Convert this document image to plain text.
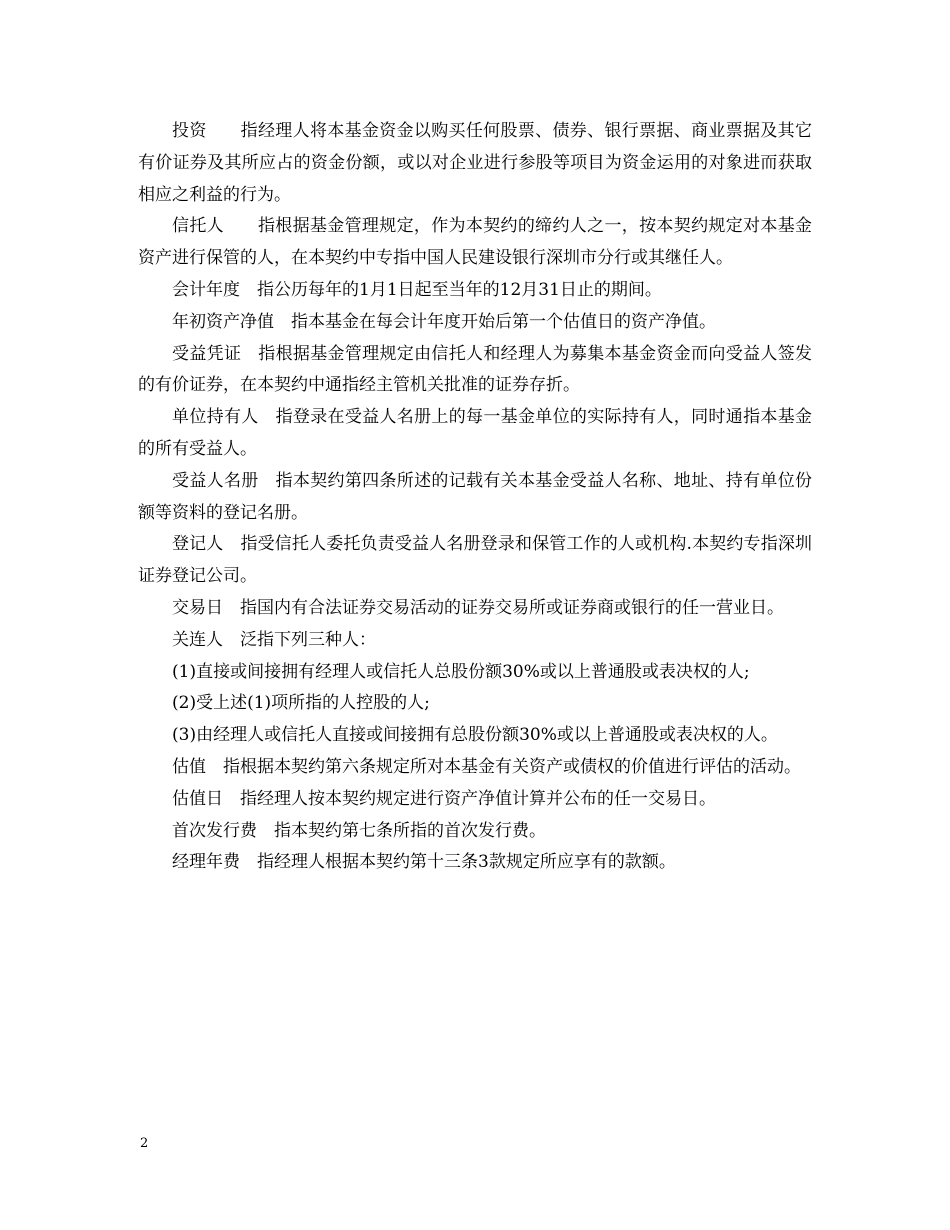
投资 指经理人将本基金资金以购买任何股票、债券、银行票据、商业票据及其它有价证券及其所应占的资金份额，或以对企业进行参股等项目为资金运用的对象进而获取相应之利益的行为。

信托人 指根据基金管理规定，作为本契约的缔约人之一，按本契约规定对本基金资产进行保管的人，在本契约中专指中国人民建设银行深圳市分行或其继任人。

会计年度 指公历每年的1月1日起至当年的12月31日止的期间。

年初资产净值 指本基金在每会计年度开始后第一个估值日的资产净值。

受益凭证 指根据基金管理规定由信托人和经理人为募集本基金资金而向受益人签发的有价证券，在本契约中通指经主管机关批准的证券存折。

单位持有人 指登录在受益人名册上的每一基金单位的实际持有人，同时通指本基金的所有受益人。

受益人名册 指本契约第四条所述的记载有关本基金受益人名称、地址、持有单位份额等资料的登记名册。

登记人 指受信托人委托负责受益人名册登录和保管工作的人或机构.本契约专指深圳证券登记公司。

交易日 指国内有合法证券交易活动的证券交易所或证券商或银行的任一营业日。

关连人 泛指下列三种人：

(1)直接或间接拥有经理人或信托人总股份额30%或以上普通股或表决权的人;

(2)受上述(1)项所指的人控股的人;

(3)由经理人或信托人直接或间接拥有总股份额30%或以上普通股或表决权的人。

估值 指根据本契约第六条规定所对本基金有关资产或债权的价值进行评估的活动。

估值日 指经理人按本契约规定进行资产净值计算并公布的任一交易日。

首次发行费 指本契约第七条所指的首次发行费。

经理年费 指经理人根据本契约第十三条3款规定所应享有的款额。

2
